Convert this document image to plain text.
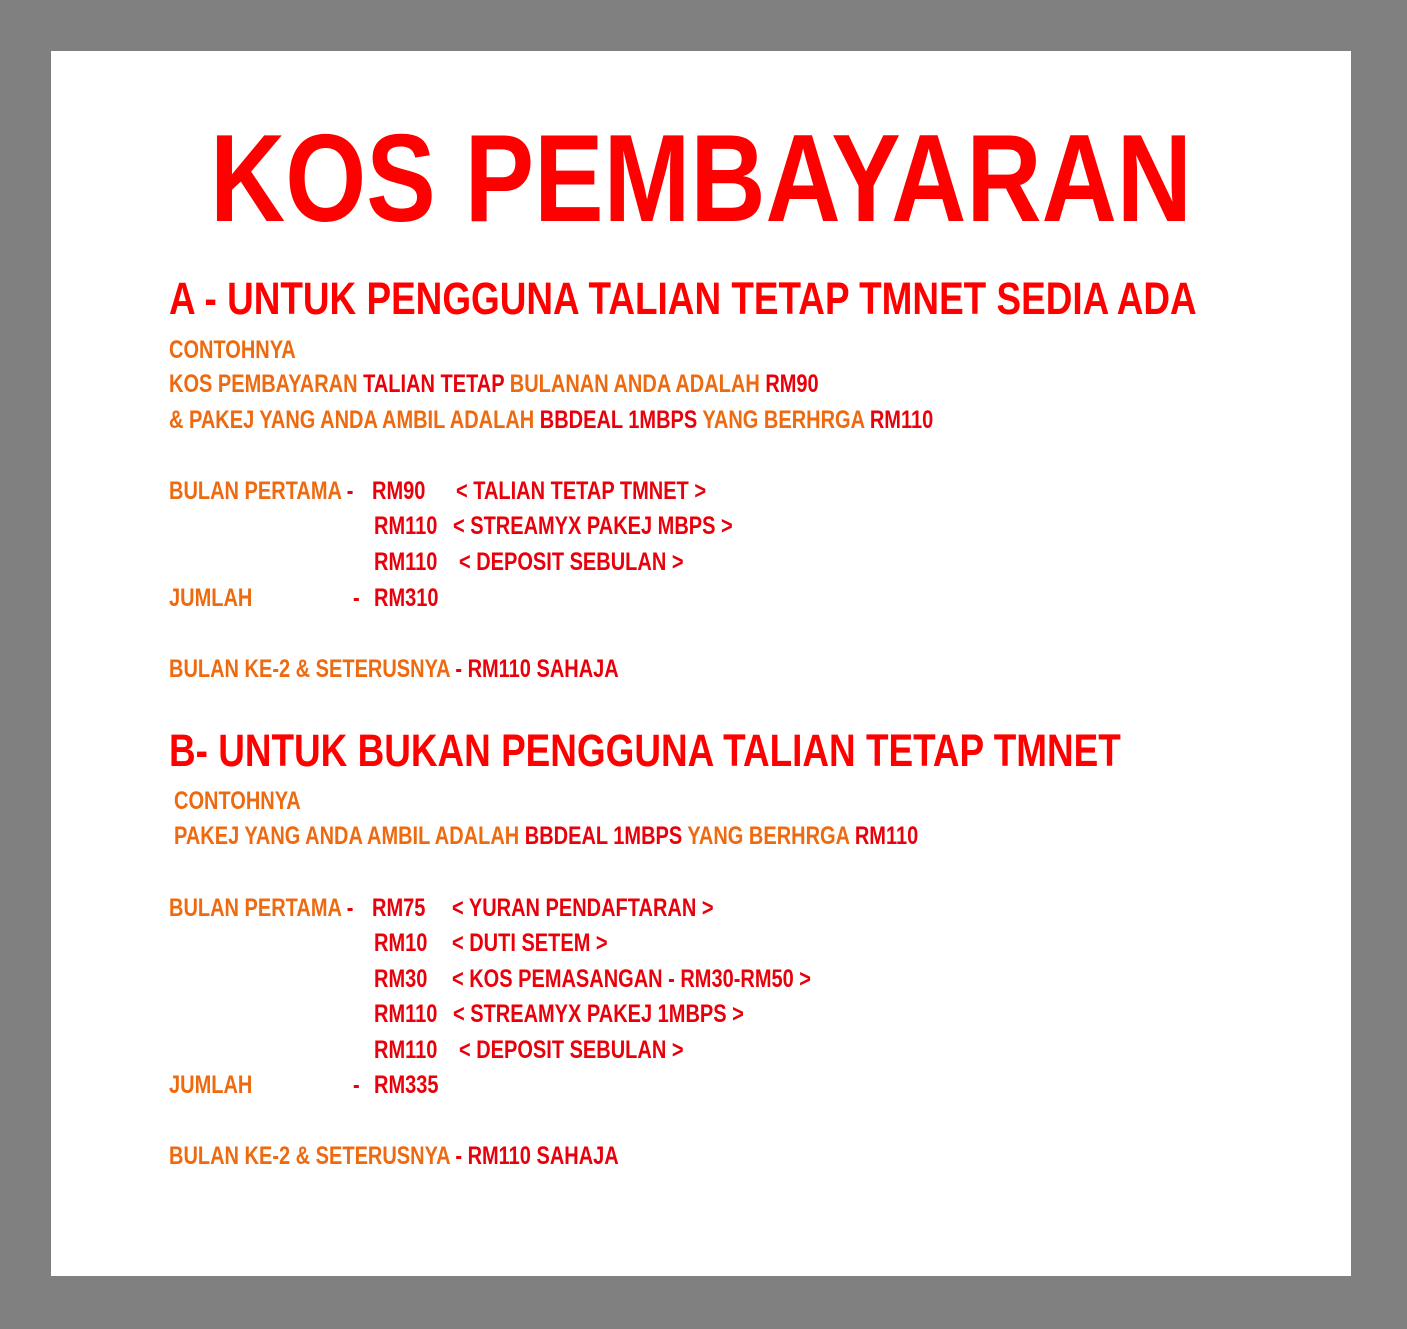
KOS PEMBAYARAN
A - UNTUK PENGGUNA TALIAN TETAP TMNET SEDIA ADA
CONTOHNYA
KOS PEMBAYARAN TALIAN TETAP BULANAN ANDA ADALAH RM90
& PAKEJ YANG ANDA AMBIL ADALAH BBDEAL 1MBPS YANG BERHRGA RM110
BULAN PERTAMA - RM90 < TALIAN TETAP TMNET >
RM110 < STREAMYX PAKEJ MBPS >
RM110 < DEPOSIT SEBULAN >
JUMLAH	- RM310
BULAN KE-2 & SETERUSNYA - RM110 SAHAJA
B- UNTUK BUKAN PENGGUNA TALIAN TETAP TMNET
CONTOHNYA
PAKEJ YANG ANDA AMBIL ADALAH BBDEAL 1MBPS YANG BERHRGA RM110
BULAN PERTAMA - RM75 < YURAN PENDAFTARAN >
RM10 < DUTI SETEM >
RM30 < KOS PEMASANGAN - RM30-RM50 >
RM110 < STREAMYX PAKEJ 1MBPS >
RM110 < DEPOSIT SEBULAN >
JUMLAH	- RM335
BULAN KE-2 & SETERUSNYA - RM110 SAHAJA
